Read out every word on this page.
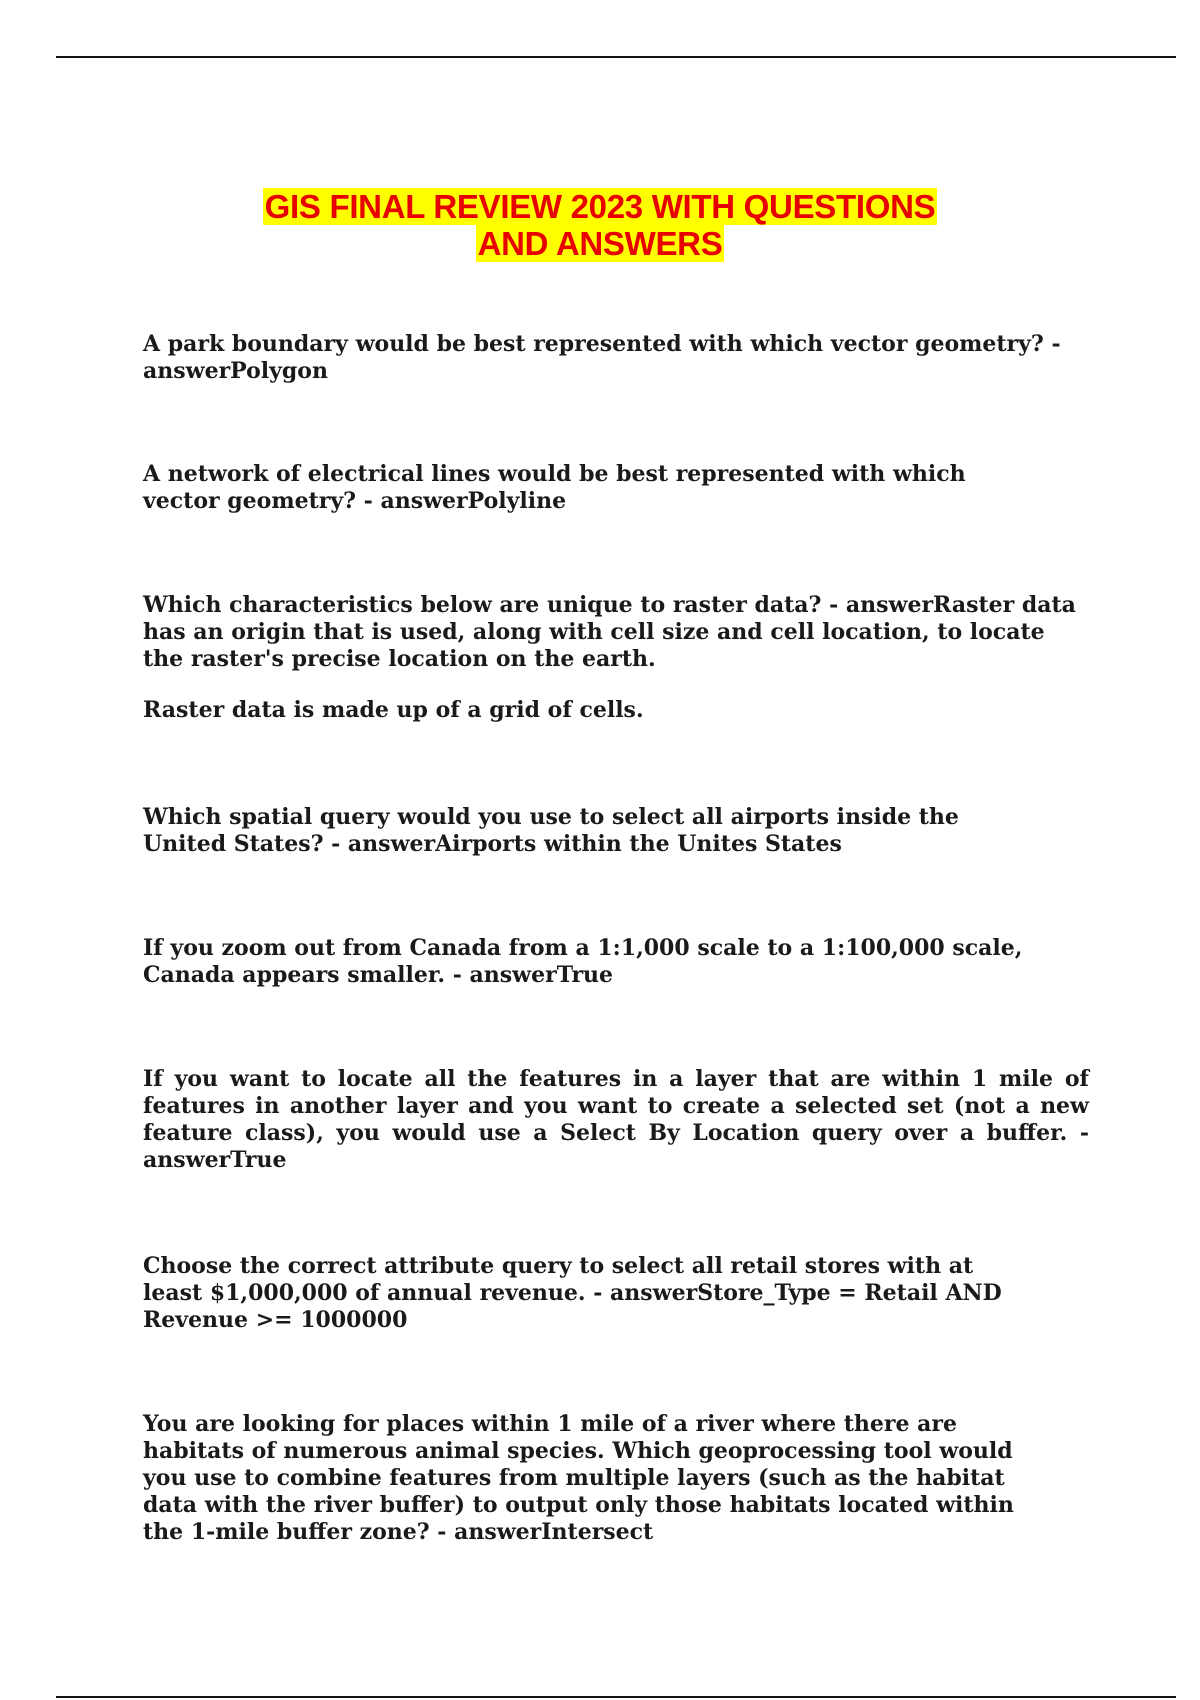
GIS FINAL REVIEW 2023 WITH QUESTIONS
AND ANSWERS

A park boundary would be best represented with which vector geometry? -
answerPolygon

A network of electrical lines would be best represented with which
vector geometry? - answerPolyline

Which characteristics below are unique to raster data? - answerRaster data
has an origin that is used, along with cell size and cell location, to locate
the raster's precise location on the earth.

Raster data is made up of a grid of cells.

Which spatial query would you use to select all airports inside the
United States? - answerAirports within the Unites States

If you zoom out from Canada from a 1:1,000 scale to a 1:100,000 scale,
Canada appears smaller. - answerTrue

If you want to locate all the features in a layer that are within 1 mile of features in another layer and you want to create a selected set (not a new feature class), you would use a Select By Location query over a buffer. - answerTrue

Choose the correct attribute query to select all retail stores with at
least $1,000,000 of annual revenue. - answerStore_Type = Retail AND
Revenue >= 1000000

You are looking for places within 1 mile of a river where there are
habitats of numerous animal species. Which geoprocessing tool would
you use to combine features from multiple layers (such as the habitat
data with the river buffer) to output only those habitats located within
the 1-mile buffer zone? - answerIntersect
